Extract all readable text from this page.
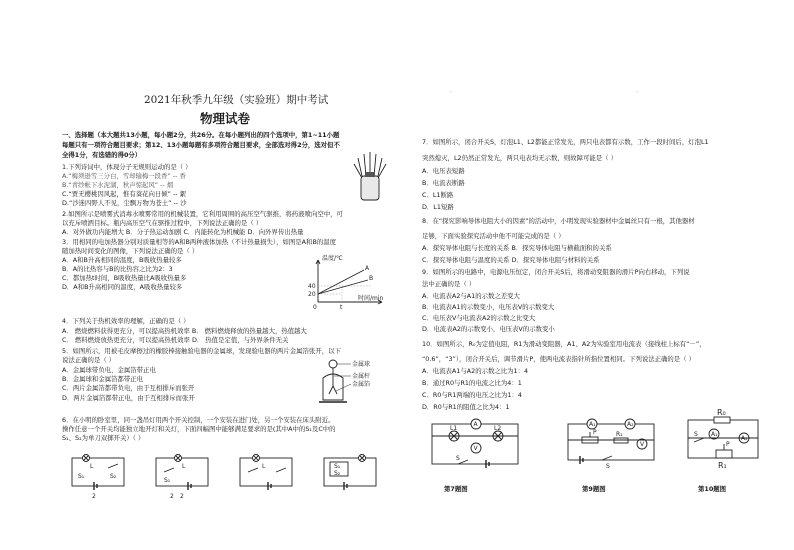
2021年秋季九年级（实验班）期中考试
物理试卷
一、选择题（本大题共13小题，每小题2分，共26分。在每小题列出的四个选项中，第1~11小题
每题只有一项符合题目要求；第12、13小题每题有多项符合题目要求，全部选对得2分，选对但不
全得1分，有选错的得0分）
1.下列诗词中，体现分子无规则运动的是（ ）
A.“梅须逊雪三分白，雪却输梅一段香” -- 香
B.“青纱帐下水泥湖，秋声惊起风” -- 烟
C.“贾无樱桃因风起，惟有葵花向日倾” -- 絮
D.“沙迷四野人不见，尘飘万物为苍土” -- 沙
2.如图所示是喷雾式消毒水喷雾常用的机械装置，它利用周围的高压空气驱推，将药液喷向空中，可
以充斥喷洒目标。瓶内高压空气在驱推过程中，下列说法正确的是（ ）
A．对外做功内能增大 B．分子热运动加剧 C．内能转化为机械能 D．向外界传出热量
3．用相同的电加热器分别对质量相等的A和B两种液体加热（不计热量损失），如图是A和B的温度
随加热时间变化的图像，下列说法正确的是（ ）
A．A和B升高相同的温度，B吸收热量较多
B．A的比热容与B的比热容之比为2：3
C．都加热t时间，B吸收热量比A吸收热量多
D．A和B升高相同的温度，A吸收热量较多
温度/℃
时间/min
A
B
40
20
t
0
4．下列关于热机效率的理解，正确的是（ ）
A． 燃烧燃料获得更充分，可以提高热机效率 B． 燃料燃烧释放的热量越大，热值越大
C． 燃料燃烧放热更充分，可以提高热机效率 D． 热值是定值，与外界条件无关
5．如图所示，用被毛皮摩擦过的橡胶棒接触验电器的金属球，发现验电器的两片金属箔张开，以下
说法正确的是（ ）
A．金属球带负电，金属箔带正电
B．金属球和金属箔都带正电
C．两片金属箔都带负电，由于互相排斥而张开
D．两片金属箔都带正电，由于互相排斥而张开
金属球
金属杆
金属箔
6．在小明的卧室里，同一盏吊灯用两个开关控制，一个安装在进门处，另一个安装在床头附近。
操作任意一个开关均能独立地开灯和关灯，下面四幅图中能够满足要求的是(其中A中的S₁及C中的
S₁、S₂为单刀双掷开关）（ ）
L
S₁	S₂
2
L
S₁
2 2
L	S₁
S₂
·	·
7．如图所示，闭合开关S，灯泡L1、L2都能正常发光，两只电表都有示数，工作一段时间后，灯泡L1
突然熄灭，L2仍然正常发光，两只电表均无示数，则故障可能是（ ）
A．电压表短路
B．电流表断路
C．L1断路
D．L1短路
8．在“探究影响导体电阻大小的因素”的活动中，小明发现实验器材中金属丝只有一根，其他器材
足够，下面实验探究活动中他不可能完成的是（ ）
A．探究导体电阻与长度的关系 B．探究导体电阻与横截面积的关系
C．探究导体电阻与温度的关系 D．探究导体电阻与材料的关系
9．如图所示的电路中，电源电压恒定，闭合开关S后，将滑动变阻器的滑片P向右移动，下列说
法中正确的是（ ）
A．电流表A2与A1的示数之差变大
B．电流表A1的示数变小，电压表V的示数变大
C．电压表V与电流表A2的示数之比变大
D．电流表A2的示数变小，电压表V的示数变小
10．如图所示，R₀为定值电阻，R1为滑动变阻器，A1、A2为实验室用电流表（接线柱上标有“－”，
“0.6”，“3”），闭合开关后，调节滑片P，使两电流表指针所指位置相同。下列说法正确的是（ ）
A．电流表A1与A2的示数之比为1：4
B．通过R0与R1的电流之比为4：1
C．R0与R1两端的电压之比为1：4
D．R0与R1的阻值之比为4：1
L1	L2
A
V
S
A₁	A₂
P	R₁
V
S
R₀
A₁
A₂
S
P
R₁
第7题图	第9题图	第10题图
